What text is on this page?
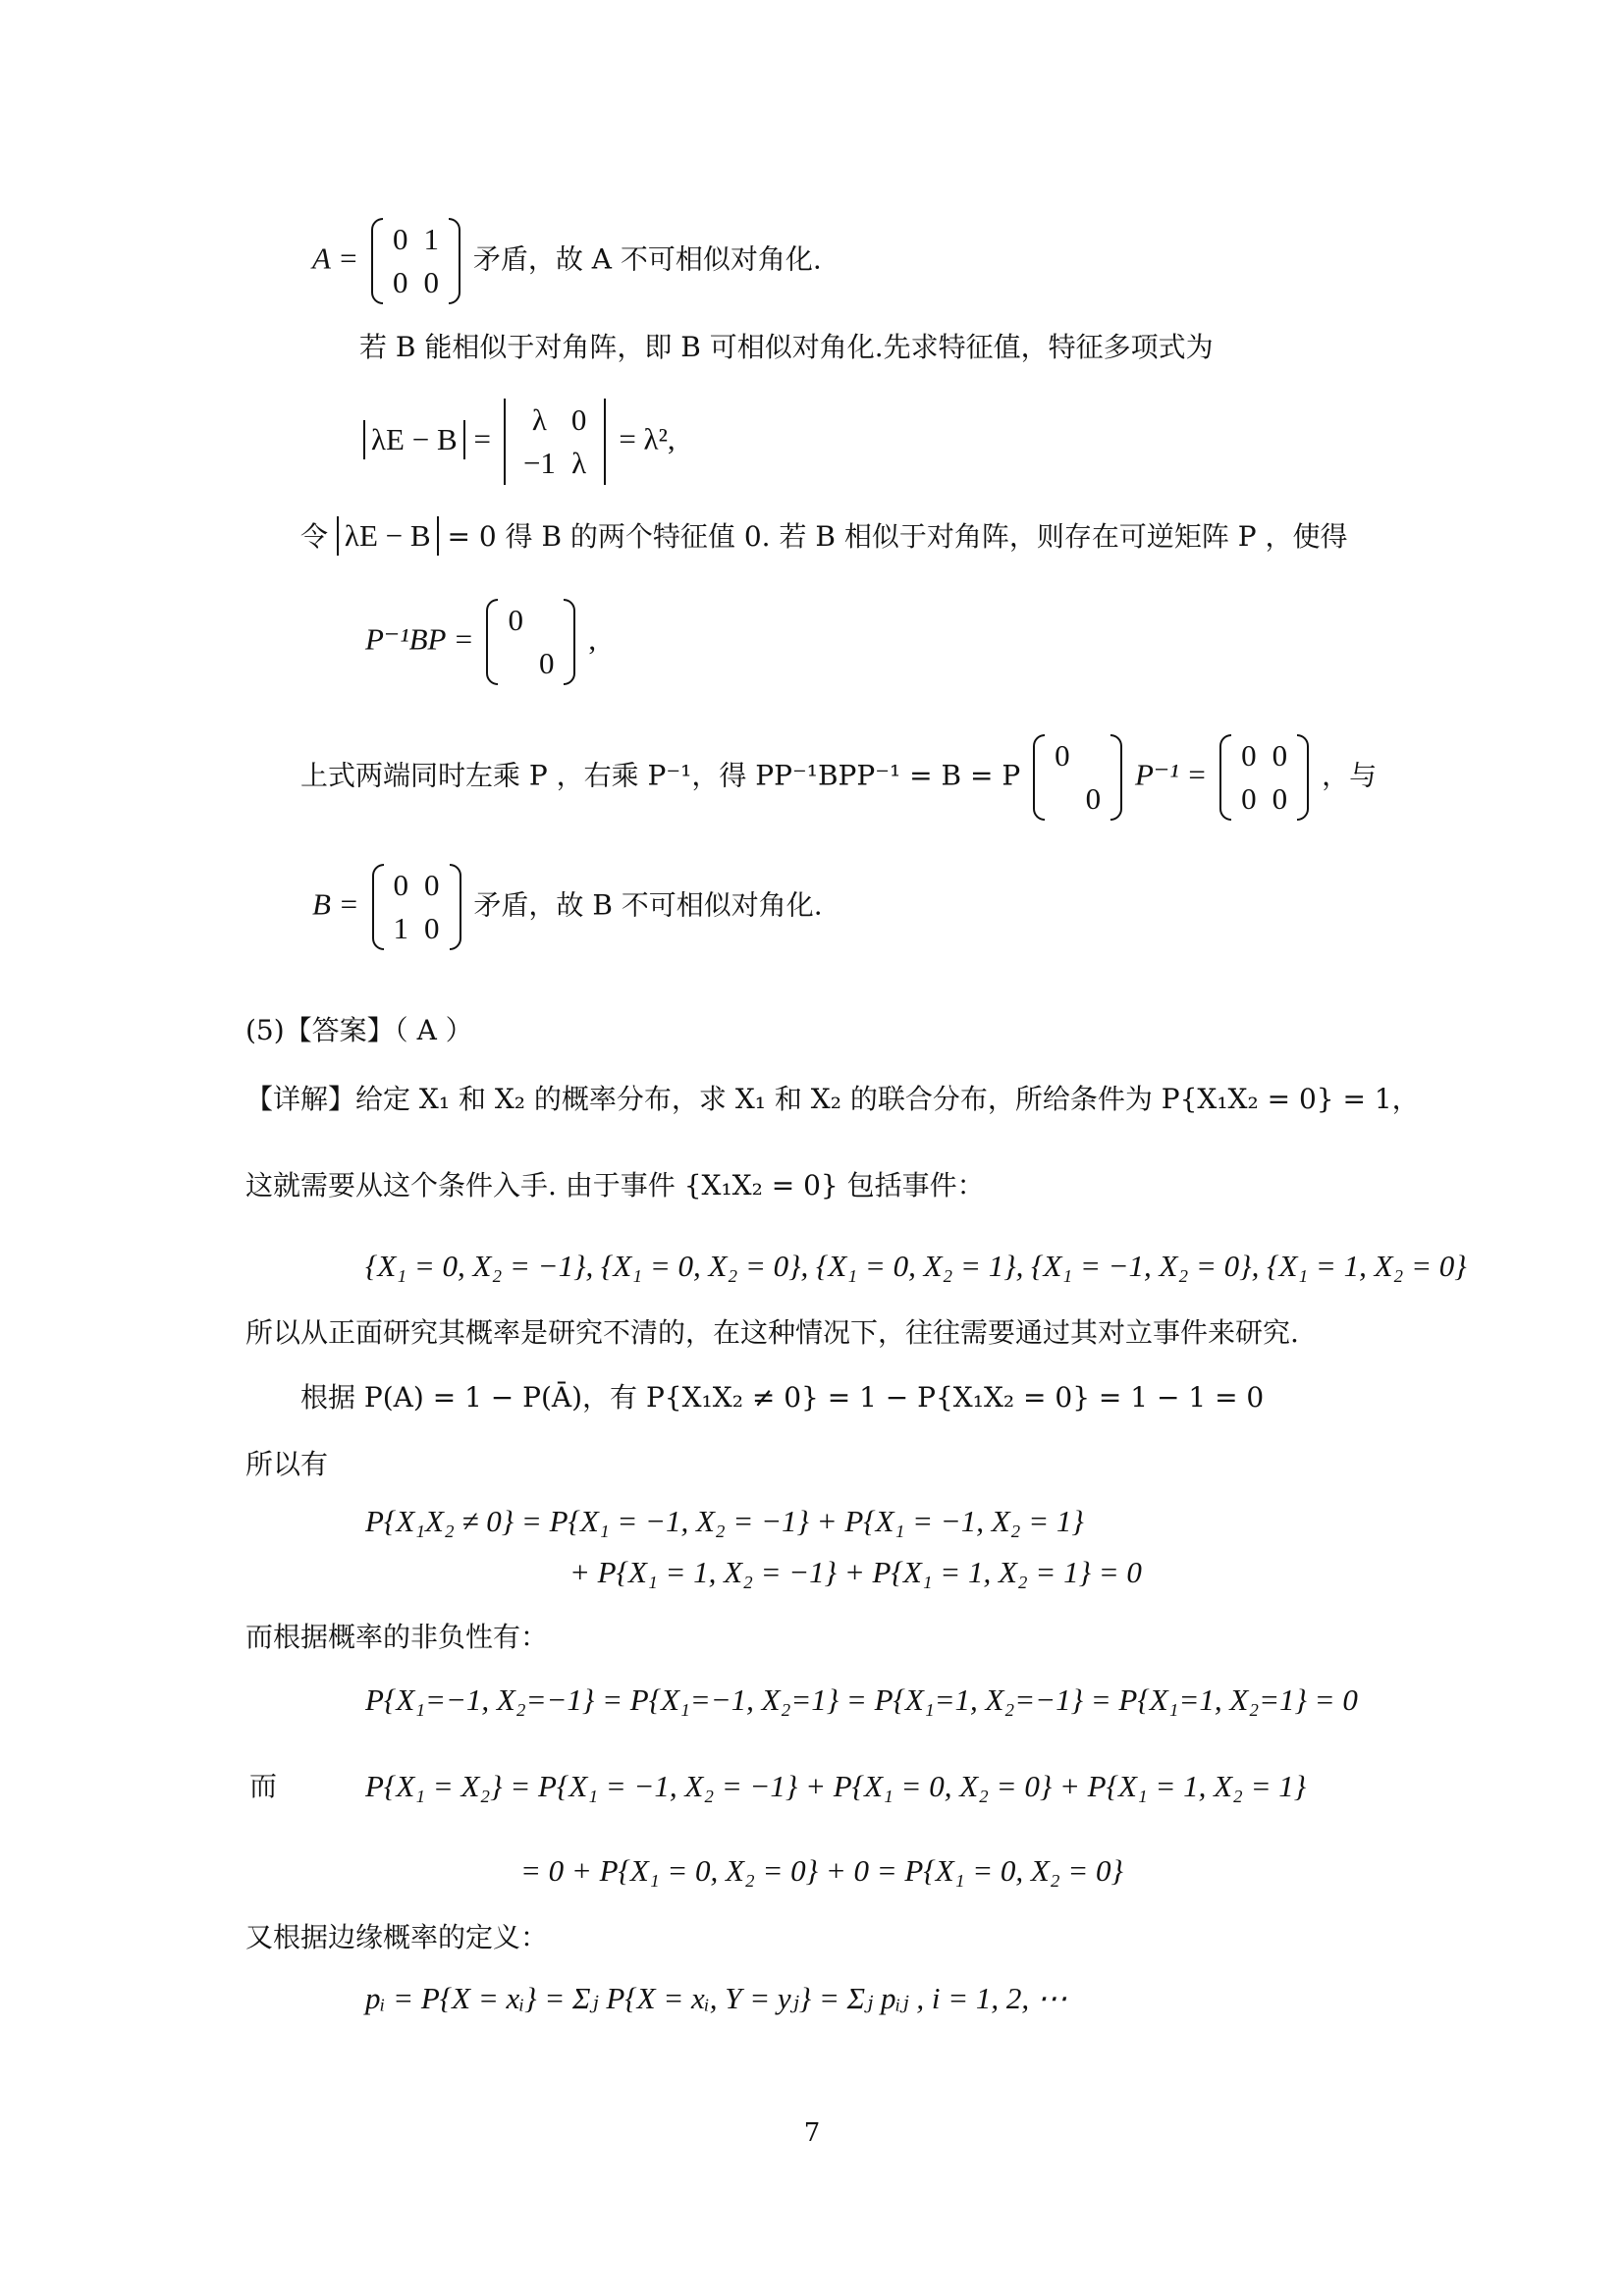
A =
0	1
0	0
矛盾，故 A 不可相似对角化.
若 B 能相似于对角阵，即 B 可相似对角化.先求特征值，特征多项式为
λE − B =
λ	0
−1	λ
= λ²,
令 λE − B = 0 得 B 的两个特征值 0. 若 B 相似于对角阵，则存在可逆矩阵 P ，使得
P⁻¹BP =
0	
	0
,
上式两端同时左乘 P ，右乘 P⁻¹，得 PP⁻¹BPP⁻¹ = B = P
0	
	0
P⁻¹ =
0	0
0	0
，与
B =
0	0
1	0
矛盾，故 B 不可相似对角化.
(5)【答案】（ A ）
【详解】给定 X₁ 和 X₂ 的概率分布，求 X₁ 和 X₂ 的联合分布，所给条件为 P{X₁X₂ = 0} = 1，
这就需要从这个条件入手. 由于事件 {X₁X₂ = 0} 包括事件：
{X₁ = 0, X₂ = −1}, {X₁ = 0, X₂ = 0}, {X₁ = 0, X₂ = 1}, {X₁ = −1, X₂ = 0}, {X₁ = 1, X₂ = 0}
所以从正面研究其概率是研究不清的，在这种情况下，往往需要通过其对立事件来研究.
根据 P(A) = 1 − P(Ā)，有 P{X₁X₂ ≠ 0} = 1 − P{X₁X₂ = 0} = 1 − 1 = 0
所以有
P{X₁X₂ ≠ 0} = P{X₁ = −1, X₂ = −1} + P{X₁ = −1, X₂ = 1}
+ P{X₁ = 1, X₂ = −1} + P{X₁ = 1, X₂ = 1} = 0
而根据概率的非负性有：
P{X₁=−1, X₂=−1} = P{X₁=−1, X₂=1} = P{X₁=1, X₂=−1} = P{X₁=1, X₂=1} = 0
而	P{X₁ = X₂} = P{X₁ = −1, X₂ = −1} + P{X₁ = 0, X₂ = 0} + P{X₁ = 1, X₂ = 1}
= 0 + P{X₁ = 0, X₂ = 0} + 0 = P{X₁ = 0, X₂ = 0}
又根据边缘概率的定义：
pᵢ = P{X = xᵢ} = Σⱼ P{X = xᵢ, Y = yⱼ} = Σⱼ pᵢⱼ , i = 1, 2, ⋯
7
